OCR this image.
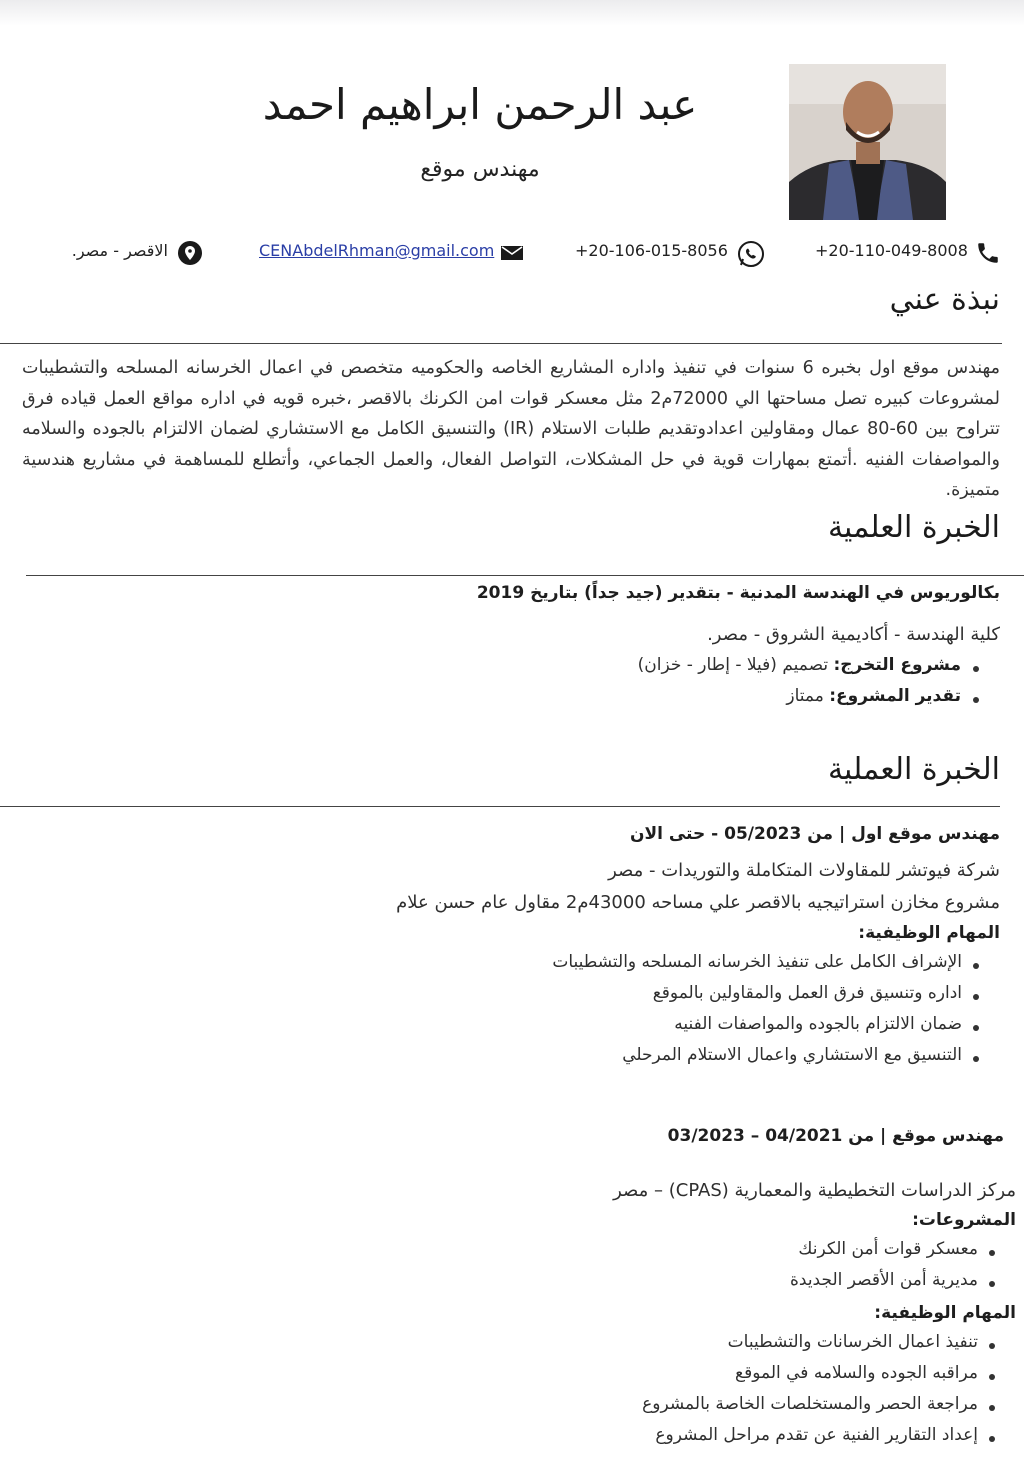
عبد الرحمن ابراهيم احمد
مهندس موقع
+20-110-049-8008
+20-106-015-8056
CENAbdelRhman@gmail.com
الاقصر - مصر.
نبذة عني
مهندس موقع اول بخبره 6 سنوات في تنفيذ واداره المشاريع الخاصه والحكوميه متخصص في اعمال الخرسانه المسلحه والتشطيبات لمشروعات كبيره تصل مساحتها الي 72000م2 مثل معسكر قوات امن الكرنك بالاقصر ،خبره قويه في اداره مواقع العمل قياده فرق تتراوح بين 60-80 عمال ومقاولين اعدادوتقديم طلبات الاستلام (IR) والتنسيق الكامل مع الاستشاري لضمان الالتزام بالجوده والسلامه والمواصفات الفنيه .أتمتع بمهارات قوية في حل المشكلات، التواصل الفعال، والعمل الجماعي، وأتطلع للمساهمة في مشاريع هندسية متميزة.
الخبرة العلمية
بكالوريوس في الهندسة المدنية - بتقدير (جيد جداً) بتاريخ 2019
كلية الهندسة - أكاديمية الشروق - مصر.
مشروع التخرج: تصميم (فيلا - إطار - خزان)
تقدير المشروع: ممتاز
الخبرة العملية
مهندس موقع اول | من 05/2023 - حتى الان
شركة فيوتشر للمقاولات المتكاملة والتوريدات - مصر
مشروع مخازن استراتيجيه بالاقصر علي مساحه 43000م2 مقاول عام حسن علام
المهام الوظيفية:
الإشراف الكامل على تنفيذ الخرسانه المسلحه والتشطيبات
اداره وتنسيق فرق العمل والمقاولين بالموقع
ضمان الالتزام بالجوده والمواصفات الفنيه
التنسيق مع الاستشاري واعمال الاستلام المرحلي
مهندس موقع | من 04/2021 – 03/2023
مركز الدراسات التخطيطية والمعمارية (CPAS) – مصر
المشروعات:
معسكر قوات أمن الكرنك
مديرية أمن الأقصر الجديدة
المهام الوظيفية:
تنفيذ اعمال الخرسانات والتشطيبات
مراقبه الجوده والسلامه في الموقع
مراجعة الحصر والمستخلصات الخاصة بالمشروع
إعداد التقارير الفنية عن تقدم مراحل المشروع
